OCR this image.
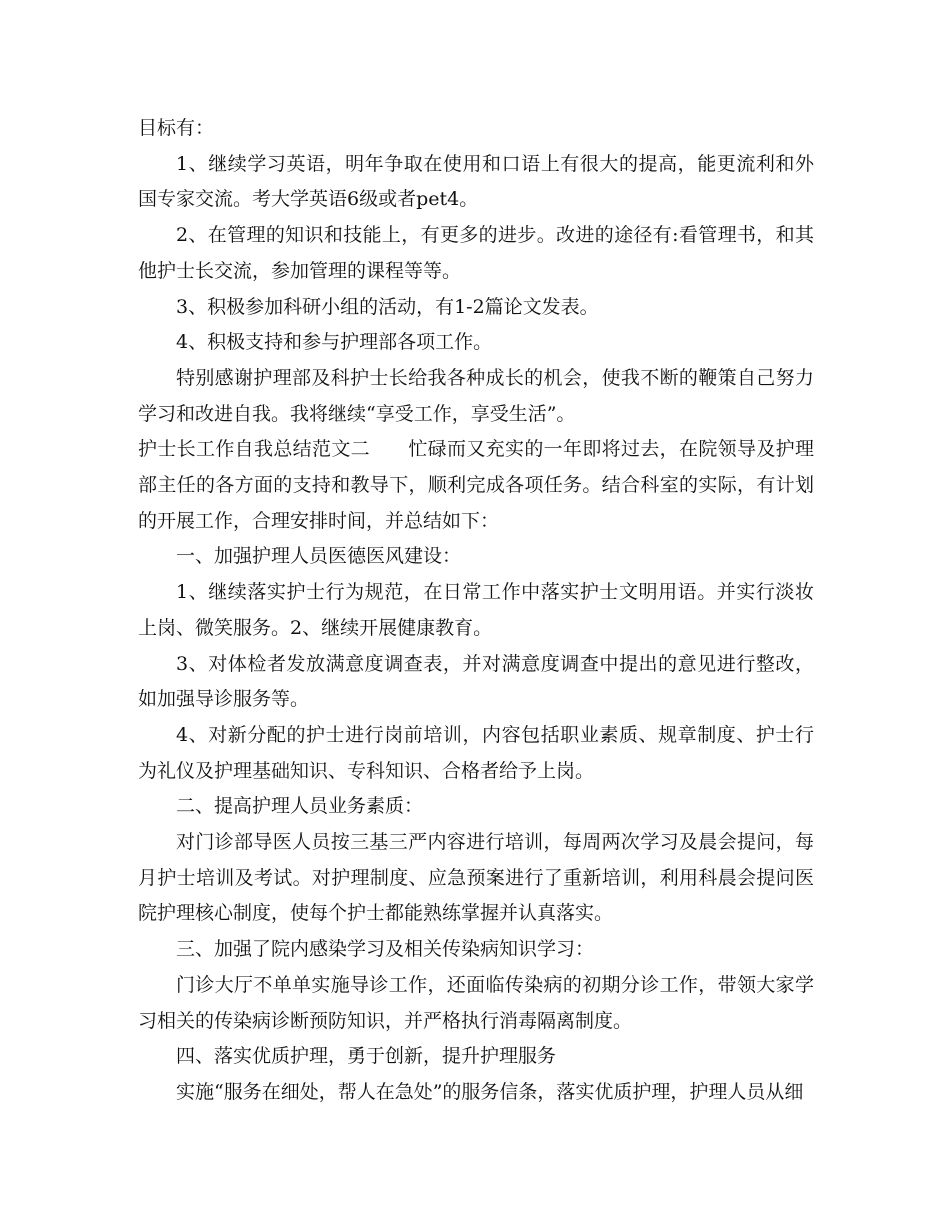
目标有：

1、继续学习英语，明年争取在使用和口语上有很大的提高，能更流利和外国专家交流。考大学英语6级或者pet4。

2、在管理的知识和技能上，有更多的进步。改进的途径有:看管理书，和其他护士长交流，参加管理的课程等等。

3、积极参加科研小组的活动，有1-2篇论文发表。

4、积极支持和参与护理部各项工作。

特别感谢护理部及科护士长给我各种成长的机会，使我不断的鞭策自己努力学习和改进自我。我将继续“享受工作，享受生活”。

护士长工作自我总结范文二 忙碌而又充实的一年即将过去，在院领导及护理部主任的各方面的支持和教导下，顺利完成各项任务。结合科室的实际，有计划的开展工作，合理安排时间，并总结如下：

一、加强护理人员医德医风建设：

1、继续落实护士行为规范，在日常工作中落实护士文明用语。并实行淡妆上岗、微笑服务。2、继续开展健康教育。

3、对体检者发放满意度调查表，并对满意度调查中提出的意见进行整改，如加强导诊服务等。

4、对新分配的护士进行岗前培训，内容包括职业素质、规章制度、护士行为礼仪及护理基础知识、专科知识、合格者给予上岗。

二、提高护理人员业务素质：

对门诊部导医人员按三基三严内容进行培训，每周两次学习及晨会提问，每月护士培训及考试。对护理制度、应急预案进行了重新培训，利用科晨会提问医院护理核心制度，使每个护士都能熟练掌握并认真落实。

三、加强了院内感染学习及相关传染病知识学习：

门诊大厅不单单实施导诊工作，还面临传染病的初期分诊工作，带领大家学习相关的传染病诊断预防知识，并严格执行消毒隔离制度。

四、落实优质护理，勇于创新，提升护理服务

实施“服务在细处，帮人在急处”的服务信条，落实优质护理，护理人员从细
